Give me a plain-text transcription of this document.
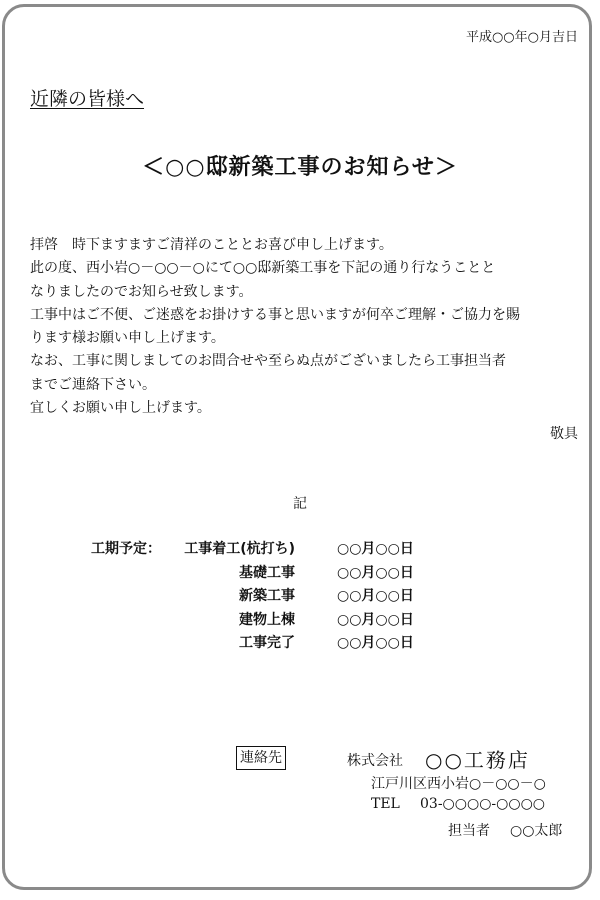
平成○○年○月吉日
近隣の皆様へ
＜○○邸新築工事のお知らせ＞
拝啓　時下ますますご清祥のこととお喜び申し上げます。
此の度、西小岩○－○○－○にて○○邸新築工事を下記の通り行なうことと
なりましたのでお知らせ致します。
工事中はご不便、ご迷惑をお掛けする事と思いますが何卒ご理解・ご協力を賜
ります様お願い申し上げます。
なお、工事に関しましてのお問合せや至らぬ点がございましたら工事担当者
までご連絡下さい。
宜しくお願い申し上げます。
敬具
記
工期予定： 工事着工(杭打ち)	○○月○○日
基礎工事	○○月○○日
新築工事	○○月○○日
建物上棟	○○月○○日
工事完了	○○月○○日
連絡先	株式会社 ○○工務店
江戸川区西小岩○－○○－○
TEL 03-○○○○-○○○○
担当者 ○○太郎
